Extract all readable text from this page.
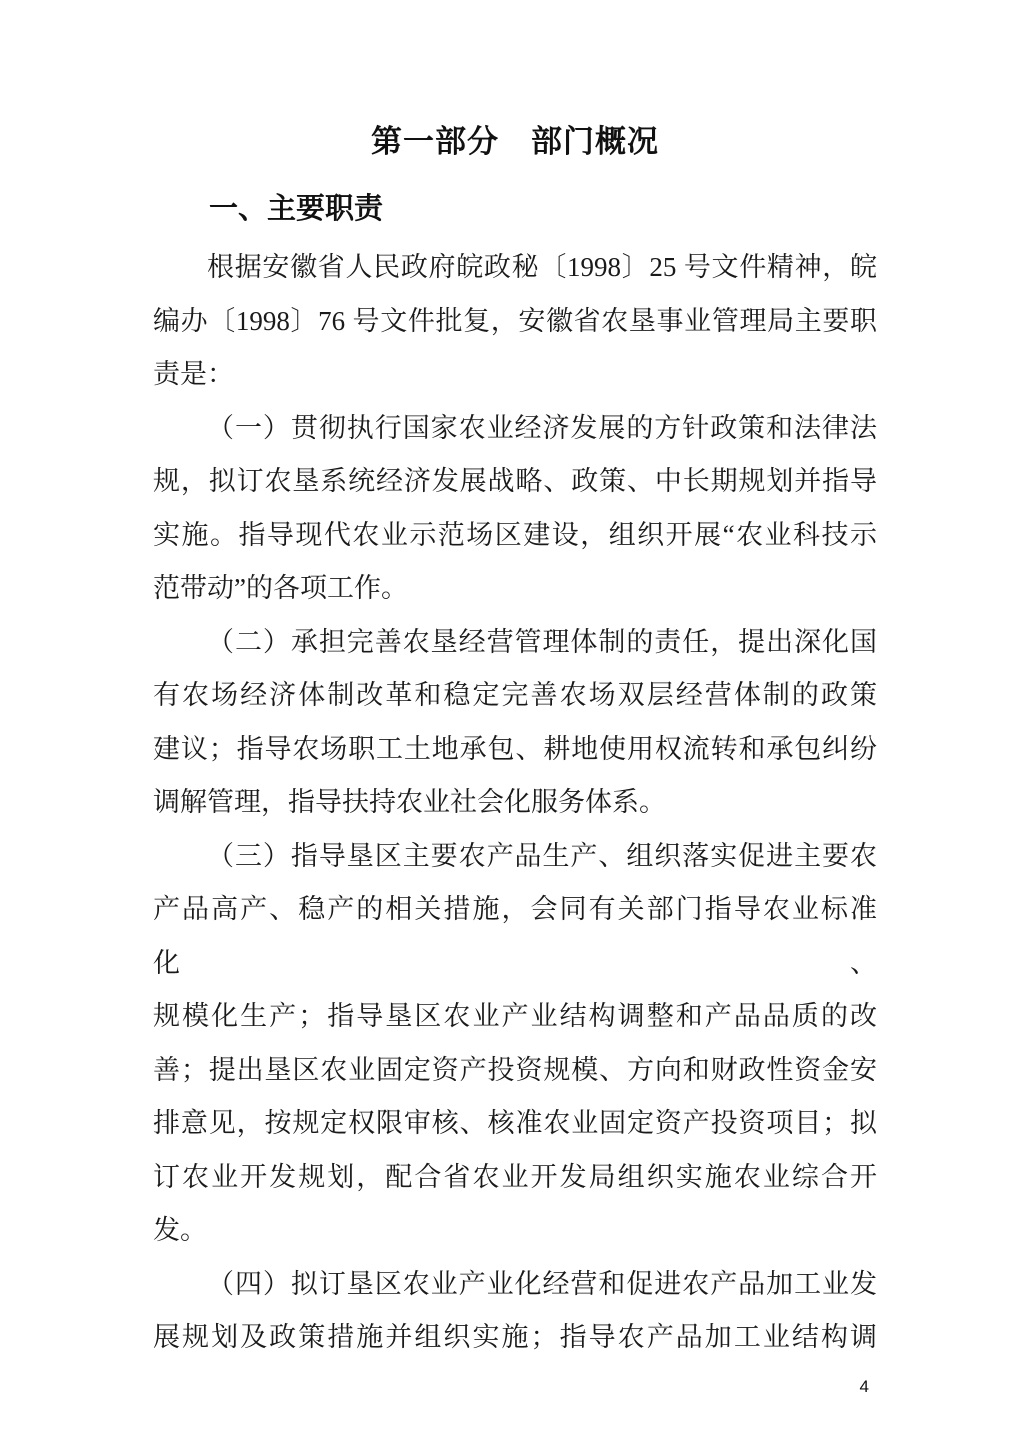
第一部分　部门概况
一、主要职责
根据安徽省人民政府皖政秘〔1998〕25 号文件精神，皖
编办〔1998〕76 号文件批复，安徽省农垦事业管理局主要职
责是：
（一）贯彻执行国家农业经济发展的方针政策和法律法
规，拟订农垦系统经济发展战略、政策、中长期规划并指导
实施。指导现代农业示范场区建设，组织开展“农业科技示
范带动”的各项工作。
（二）承担完善农垦经营管理体制的责任，提出深化国
有农场经济体制改革和稳定完善农场双层经营体制的政策
建议；指导农场职工土地承包、耕地使用权流转和承包纠纷
调解管理，指导扶持农业社会化服务体系。
（三）指导垦区主要农产品生产、组织落实促进主要农
产品高产、稳产的相关措施，会同有关部门指导农业标准化、
规模化生产；指导垦区农业产业结构调整和产品品质的改
善；提出垦区农业固定资产投资规模、方向和财政性资金安
排意见，按规定权限审核、核准农业固定资产投资项目；拟
订农业开发规划，配合省农业开发局组织实施农业综合开
发。
（四）拟订垦区农业产业化经营和促进农产品加工业发
展规划及政策措施并组织实施；指导农产品加工业结构调
4
